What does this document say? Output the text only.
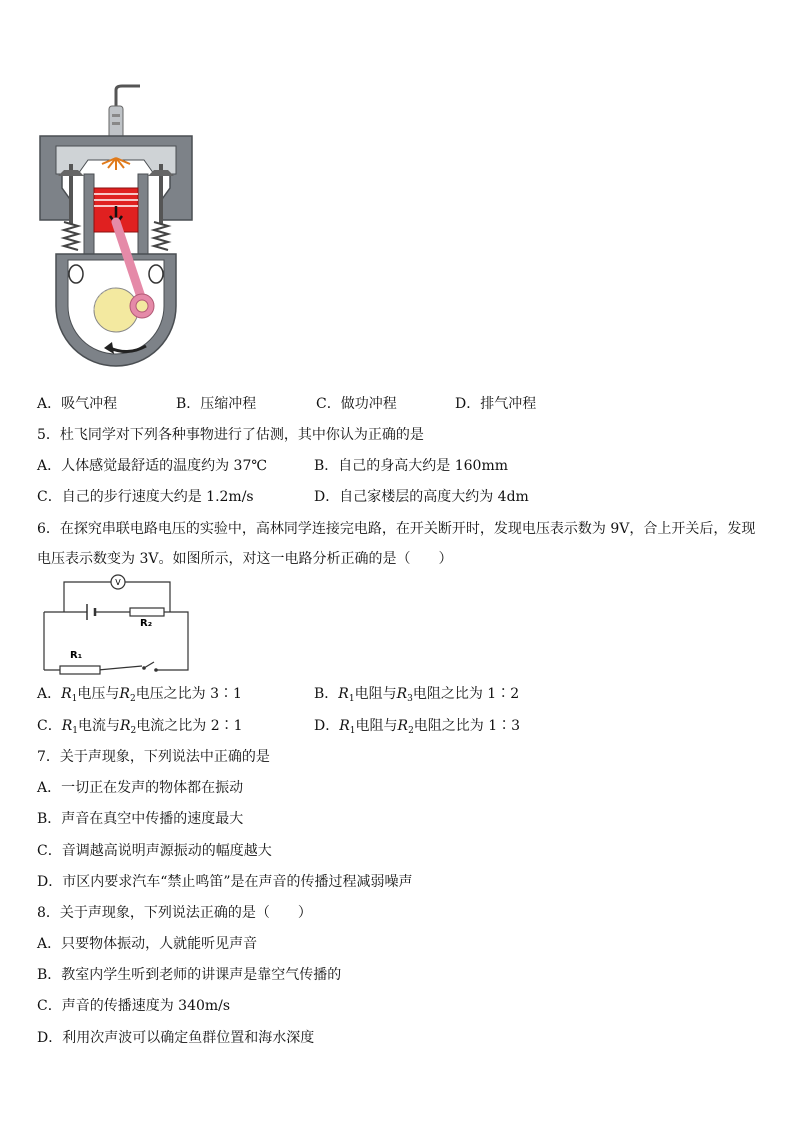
A．吸气冲程	B．压缩冲程	C．做功冲程	D．排气冲程
5．杜飞同学对下列各种事物进行了估测，其中你认为正确的是
A．人体感觉最舒适的温度约为 37℃	B．自己的身高大约是 160mm
C．自己的步行速度大约是 1.2m/s	D．自己家楼层的高度大约为 4dm
6．在探究串联电路电压的实验中，高林同学连接完电路，在开关断开时，发现电压表示数为 9V，合上开关后，发现
电压表示数变为 3V。如图所示，对这一电路分析正确的是（　　）
V
R₂
R₁
A．$R_1$电压与$R_2$电压之比为 3∶1	B．$R_1$电阻与$R_3$电阻之比为 1∶2
C．$R_1$电流与$R_2$电流之比为 2∶1	D．$R_1$电阻与$R_2$电阻之比为 1∶3
7．关于声现象，下列说法中正确的是
A．一切正在发声的物体都在振动
B．声音在真空中传播的速度最大
C．音调越高说明声源振动的幅度越大
D．市区内要求汽车“禁止鸣笛”是在声音的传播过程减弱噪声
8．关于声现象，下列说法正确的是（　　）
A．只要物体振动，人就能听见声音
B．教室内学生听到老师的讲课声是靠空气传播的
C．声音的传播速度为 340m/s
D．利用次声波可以确定鱼群位置和海水深度
